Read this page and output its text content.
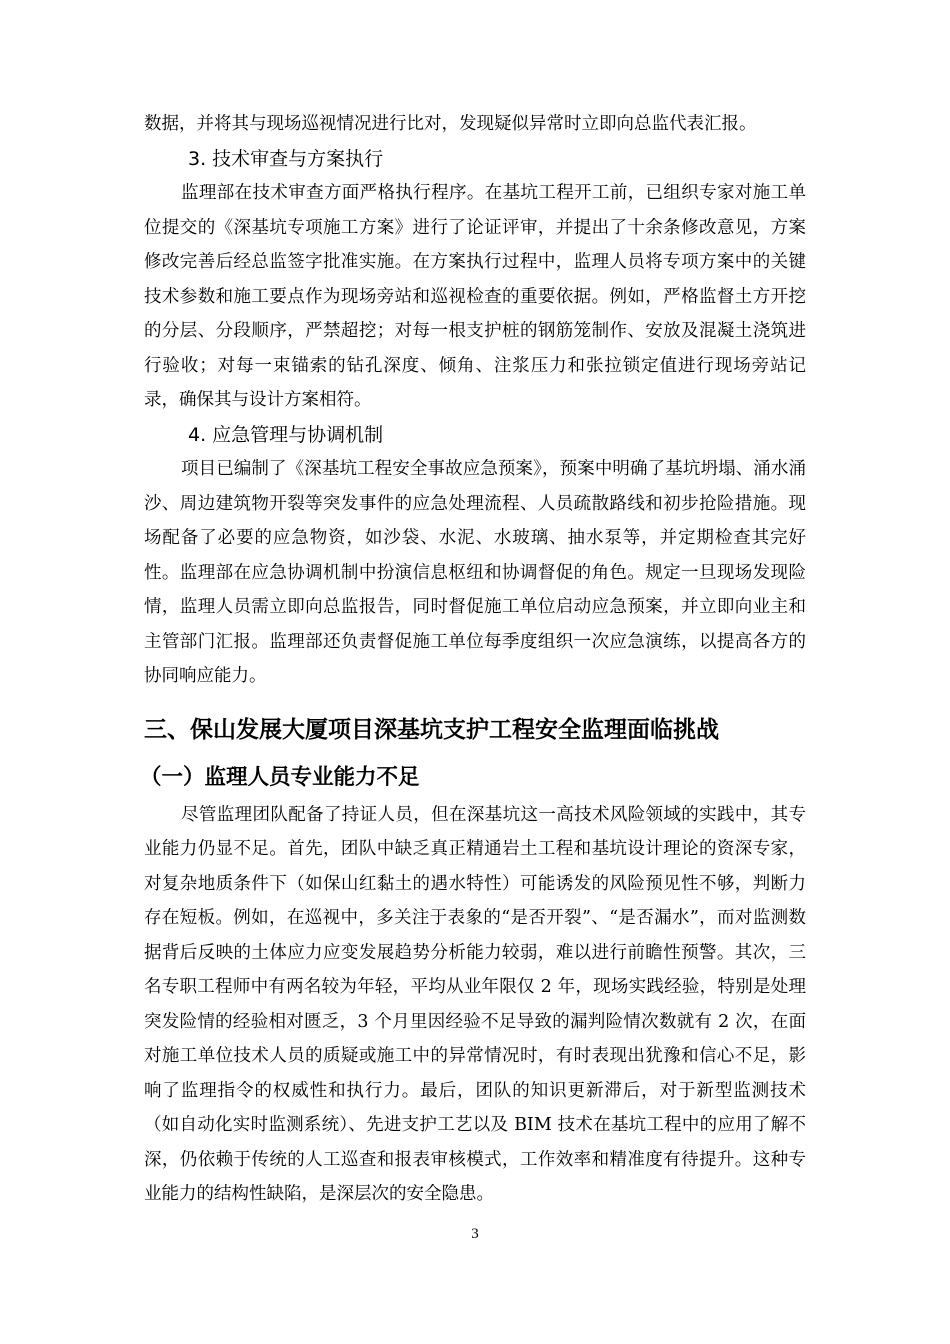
数据，并将其与现场巡视情况进行比对，发现疑似异常时立即向总监代表汇报。

3. 技术审查与方案执行

监理部在技术审查方面严格执行程序。在基坑工程开工前，已组织专家对施工单位提交的《深基坑专项施工方案》进行了论证评审，并提出了十余条修改意见，方案修改完善后经总监签字批准实施。在方案执行过程中，监理人员将专项方案中的关键技术参数和施工要点作为现场旁站和巡视检查的重要依据。例如，严格监督土方开挖的分层、分段顺序，严禁超挖；对每一根支护桩的钢筋笼制作、安放及混凝土浇筑进行验收；对每一束锚索的钻孔深度、倾角、注浆压力和张拉锁定值进行现场旁站记录，确保其与设计方案相符。

4. 应急管理与协调机制

项目已编制了《深基坑工程安全事故应急预案》，预案中明确了基坑坍塌、涌水涌沙、周边建筑物开裂等突发事件的应急处理流程、人员疏散路线和初步抢险措施。现场配备了必要的应急物资，如沙袋、水泥、水玻璃、抽水泵等，并定期检查其完好性。监理部在应急协调机制中扮演信息枢纽和协调督促的角色。规定一旦现场发现险情，监理人员需立即向总监报告，同时督促施工单位启动应急预案，并立即向业主和主管部门汇报。监理部还负责督促施工单位每季度组织一次应急演练，以提高各方的协同响应能力。

三、保山发展大厦项目深基坑支护工程安全监理面临挑战
（一）监理人员专业能力不足

尽管监理团队配备了持证人员，但在深基坑这一高技术风险领域的实践中，其专业能力仍显不足。首先，团队中缺乏真正精通岩土工程和基坑设计理论的资深专家，对复杂地质条件下（如保山红黏土的遇水特性）可能诱发的风险预见性不够，判断力存在短板。例如，在巡视中，多关注于表象的“是否开裂”、“是否漏水”，而对监测数据背后反映的土体应力应变发展趋势分析能力较弱，难以进行前瞻性预警。其次，三名专职工程师中有两名较为年轻，平均从业年限仅 2 年，现场实践经验，特别是处理突发险情的经验相对匮乏，3 个月里因经验不足导致的漏判险情次数就有 2 次，在面对施工单位技术人员的质疑或施工中的异常情况时，有时表现出犹豫和信心不足，影响了监理指令的权威性和执行力。最后，团队的知识更新滞后，对于新型监测技术（如自动化实时监测系统）、先进支护工艺以及 BIM 技术在基坑工程中的应用了解不深，仍依赖于传统的人工巡查和报表审核模式，工作效率和精准度有待提升。这种专业能力的结构性缺陷，是深层次的安全隐患。

3
